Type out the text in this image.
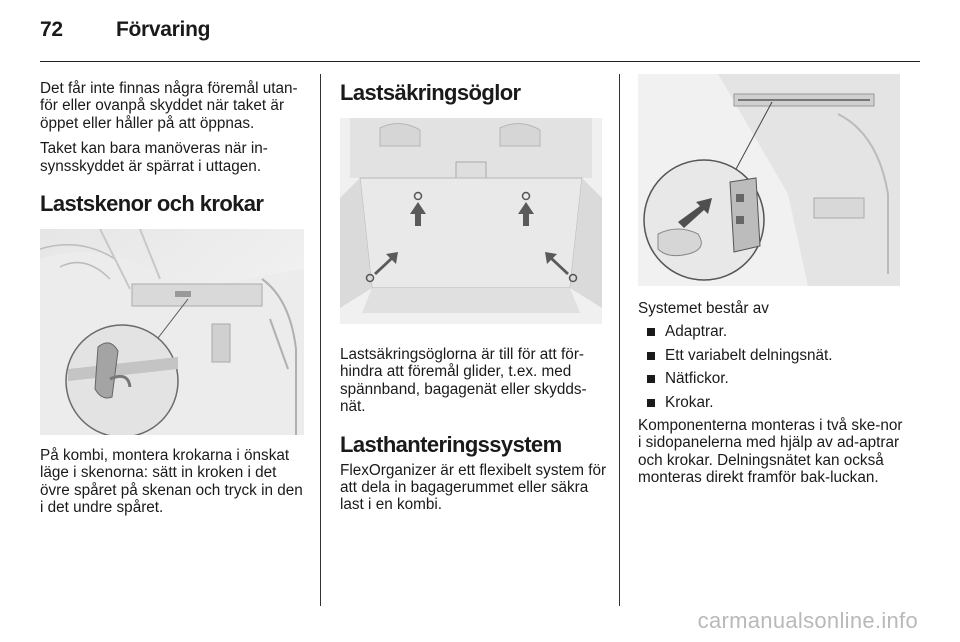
72	Förvaring

Det får inte finnas några föremål utan-för eller ovanpå skyddet när taket är öppet eller håller på att öppnas.

Taket kan bara manöveras när in-synsskyddet är spärrat i uttagen.

Lastskenor och krokar

På kombi, montera krokarna i önskat läge i skenorna: sätt in kroken i det övre spåret på skenan och tryck in den i det undre spåret.

Lastsäkringsöglor

Lastsäkringsöglorna är till för att för-hindra att föremål glider, t.ex. med spännband, bagagenät eller skydds-nät.

Lasthanteringssystem

FlexOrganizer är ett flexibelt system för att dela in bagagerummet eller säkra last i en kombi.

Systemet består av

Adaptrar.
Ett variabelt delningsnät.
Nätfickor.
Krokar.

Komponenterna monteras i två ske-nor i sidopanelerna med hjälp av ad-aptrar och krokar. Delningsnätet kan också monteras direkt framför bak-luckan.

carmanualsonline.info
